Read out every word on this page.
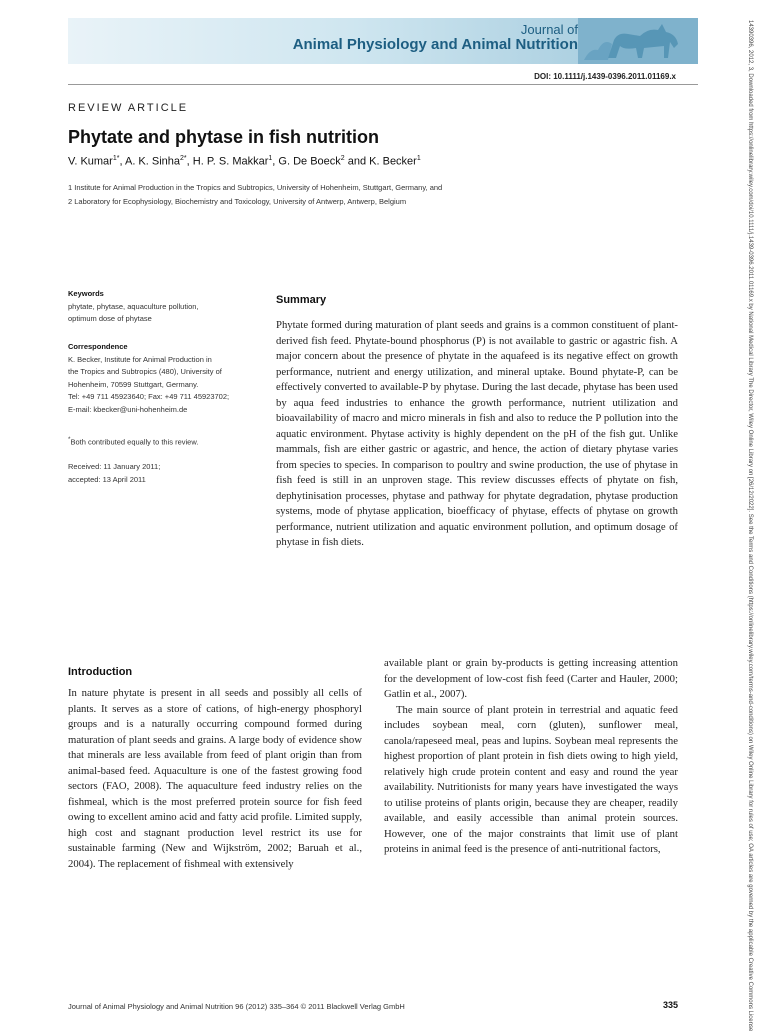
Journal of
Animal Physiology and Animal Nutrition
DOI: 10.1111/j.1439-0396.2011.01169.x
REVIEW ARTICLE
Phytate and phytase in fish nutrition
V. Kumar$^{1*}$, A. K. Sinha$^{2*}$, H. P. S. Makkar$^1$, G. De Boeck$^2$ and K. Becker$^1$
1 Institute for Animal Production in the Tropics and Subtropics, University of Hohenheim, Stuttgart, Germany, and
2 Laboratory for Ecophysiology, Biochemistry and Toxicology, University of Antwerp, Antwerp, Belgium
Keywords
phytate, phytase, aquaculture pollution,
optimum dose of phytase
Correspondence
K. Becker, Institute for Animal Production in
the Tropics and Subtropics (480), University of
Hohenheim, 70599 Stuttgart, Germany.
Tel: +49 711 45923640; Fax: +49 711 45923702;
E-mail: kbecker@uni-hohenheim.de
*Both contributed equally to this review.
Received: 11 January 2011;
accepted: 13 April 2011
Summary

Phytate formed during maturation of plant seeds and grains is a common constituent of plant-derived fish feed. Phytate-bound phosphorus (P) is not available to gastric or agastric fish. A major concern about the presence of phytate in the aquafeed is its negative effect on growth performance, nutrient and energy utilization, and mineral uptake. Bound phytate-P, can be effectively converted to available-P by phytase. During the last decade, phytase has been used by aqua feed industries to enhance the growth performance, nutrient utilization and bioavailability of macro and micro minerals in fish and also to reduce the P pollution into the aquatic environment. Phytase activity is highly dependent on the pH of the fish gut. Unlike mammals, fish are either gastric or agastric, and hence, the action of dietary phytase varies from species to species. In comparison to poultry and swine production, the use of phytase in fish feed is still in an unproven stage. This review discusses effects of phytate on fish, dephytinisation processes, phytase and pathway for phytate degradation, phytase production systems, mode of phytase application, bioefficacy of phytase, effects of phytase on growth performance, nutrient utilization and aquatic environment pollution, and optimum dosage of phytase in fish diets.

Introduction

In nature phytate is present in all seeds and possibly all cells of plants. It serves as a store of cations, of high-energy phosphoryl groups and is a naturally occurring compound formed during maturation of plant seeds and grains. A large body of evidence show that minerals are less available from feed of plant origin than from animal-based feed. Aquaculture is one of the fastest growing food sectors (FAO, 2008). The aquaculture feed industry relies on the fishmeal, which is the most preferred protein source for fish feed owing to excellent amino acid and fatty acid profile. Limited supply, high cost and stagnant production level restrict its use for sustainable farming (New and Wijkström, 2002; Baruah et al., 2004). The replacement of fishmeal with extensively

available plant or grain by-products is getting increasing attention for the development of low-cost fish feed (Carter and Hauler, 2000; Gatlin et al., 2007).

The main source of plant protein in terrestrial and aquatic feed includes soybean meal, corn (gluten), sunflower meal, canola/rapeseed meal, peas and lupins. Soybean meal represents the highest proportion of plant protein in fish diets owing to high yield, relatively high crude protein content and easy and round the year availability. Nutritionists for many years have investigated the ways to utilise proteins of plants origin, because they are cheaper, readily available, and easily accessible than animal protein sources. However, one of the major constraints that limit use of plant proteins in animal feed is the presence of anti-nutritional factors,

Journal of Animal Physiology and Animal Nutrition 96 (2012) 335–364 © 2011 Blackwell Verlag GmbH	335	14390396, 2012, 3, Downloaded from https://onlinelibrary.wiley.com/doi/10.1111/j.1439-0396.2011.01169.x by National Medical Library The Director, Wiley Online Library on [26/12/2022]. See the Terms and Conditions (https://onlinelibrary.wiley.com/terms-and-conditions) on Wiley Online Library for rules of use; OA articles are governed by the applicable Creative Commons License
